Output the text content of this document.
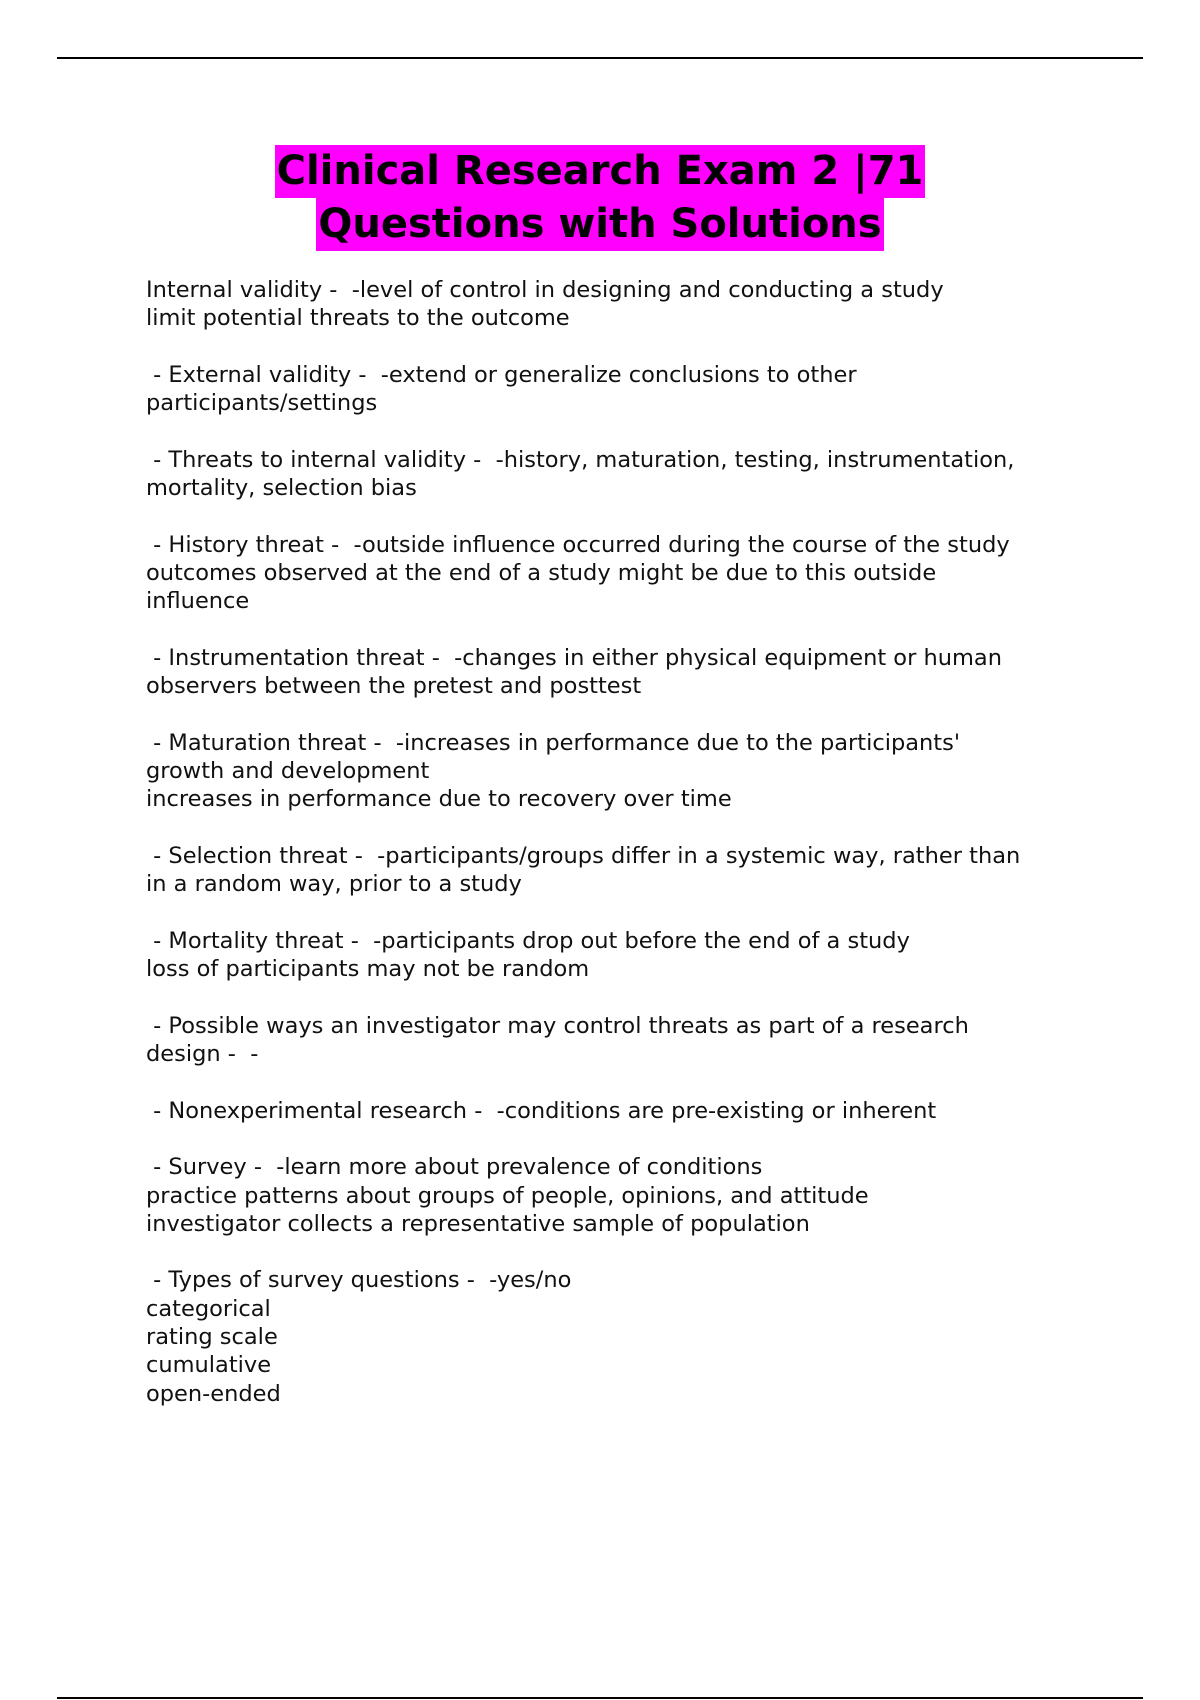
Clinical Research Exam 2 |71
Questions with Solutions
Internal validity -  -level of control in designing and conducting a study
limit potential threats to the outcome
- External validity -  -extend or generalize conclusions to other
participants/settings
- Threats to internal validity -  -history, maturation, testing, instrumentation,
mortality, selection bias
- History threat -  -outside influence occurred during the course of the study
outcomes observed at the end of a study might be due to this outside
influence
- Instrumentation threat -  -changes in either physical equipment or human
observers between the pretest and posttest
- Maturation threat -  -increases in performance due to the participants'
growth and development
increases in performance due to recovery over time
- Selection threat -  -participants/groups differ in a systemic way, rather than
in a random way, prior to a study
- Mortality threat -  -participants drop out before the end of a study
loss of participants may not be random
- Possible ways an investigator may control threats as part of a research
design -  -
- Nonexperimental research -  -conditions are pre-existing or inherent
- Survey -  -learn more about prevalence of conditions
practice patterns about groups of people, opinions, and attitude
investigator collects a representative sample of population
- Types of survey questions -  -yes/no
categorical
rating scale
cumulative
open-ended
